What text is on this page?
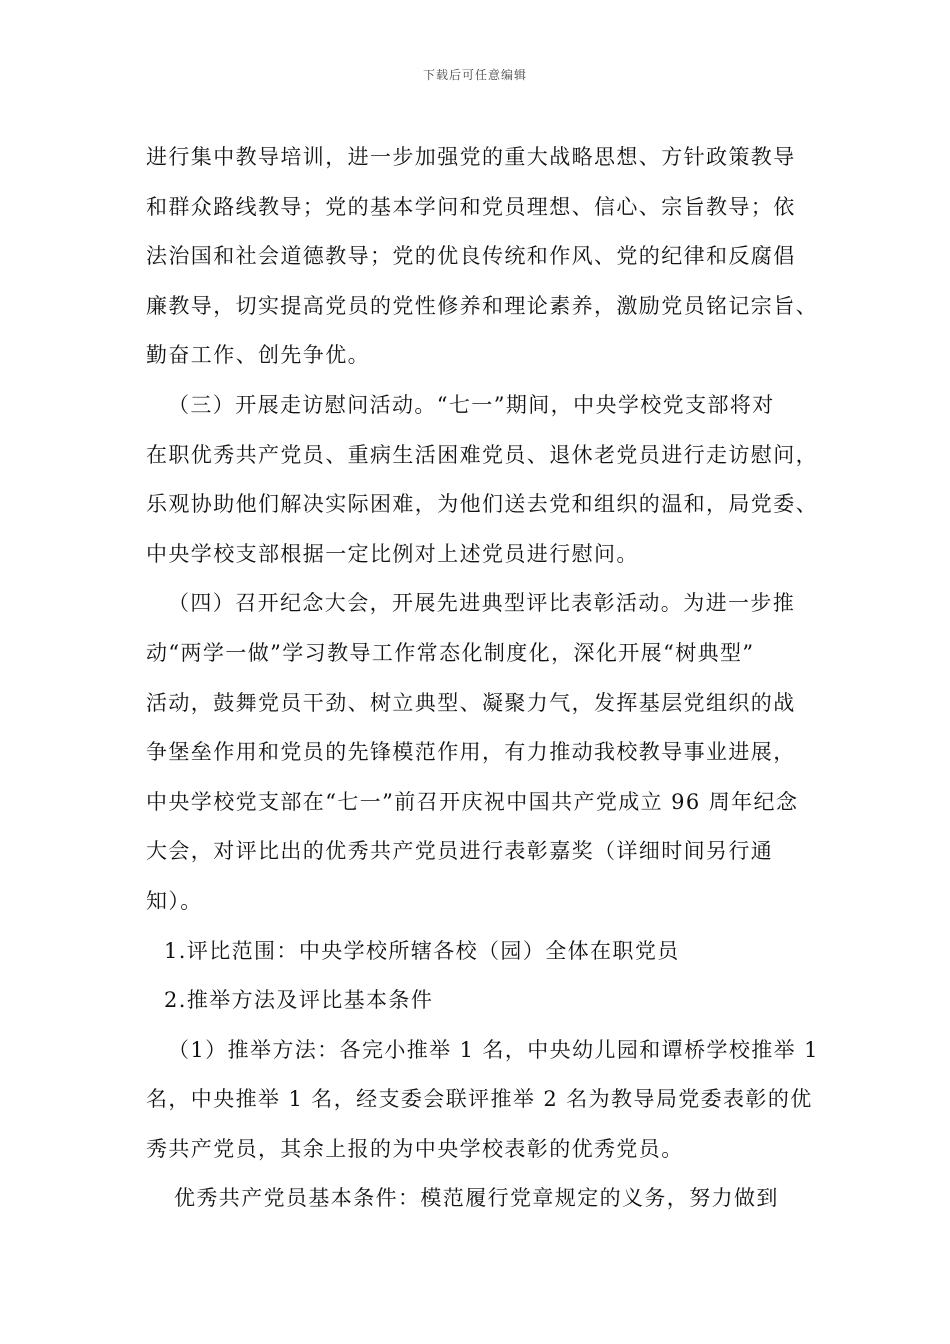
下载后可任意编辑
进行集中教导培训，进一步加强党的重大战略思想、方针政策教导
和群众路线教导；党的基本学问和党员理想、信心、宗旨教导；依
法治国和社会道德教导；党的优良传统和作风、党的纪律和反腐倡
廉教导，切实提高党员的党性修养和理论素养，激励党员铭记宗旨、
勤奋工作、创先争优。
（三）开展走访慰问活动。“七一”期间，中央学校党支部将对
在职优秀共产党员、重病生活困难党员、退休老党员进行走访慰问，
乐观协助他们解决实际困难，为他们送去党和组织的温和，局党委、
中央学校支部根据一定比例对上述党员进行慰问。
（四）召开纪念大会，开展先进典型评比表彰活动。为进一步推
动“两学一做”学习教导工作常态化制度化，深化开展“树典型”
活动，鼓舞党员干劲、树立典型、凝聚力气，发挥基层党组织的战
争堡垒作用和党员的先锋模范作用，有力推动我校教导事业进展，
中央学校党支部在“七一”前召开庆祝中国共产党成立 96 周年纪念
大会，对评比出的优秀共产党员进行表彰嘉奖（详细时间另行通
知）。
1.评比范围：中央学校所辖各校（园）全体在职党员
2.推举方法及评比基本条件
（1）推举方法：各完小推举 1 名，中央幼儿园和谭桥学校推举 1
名，中央推举 1 名，经支委会联评推举 2 名为教导局党委表彰的优
秀共产党员，其余上报的为中央学校表彰的优秀党员。
优秀共产党员基本条件：模范履行党章规定的义务，努力做到
